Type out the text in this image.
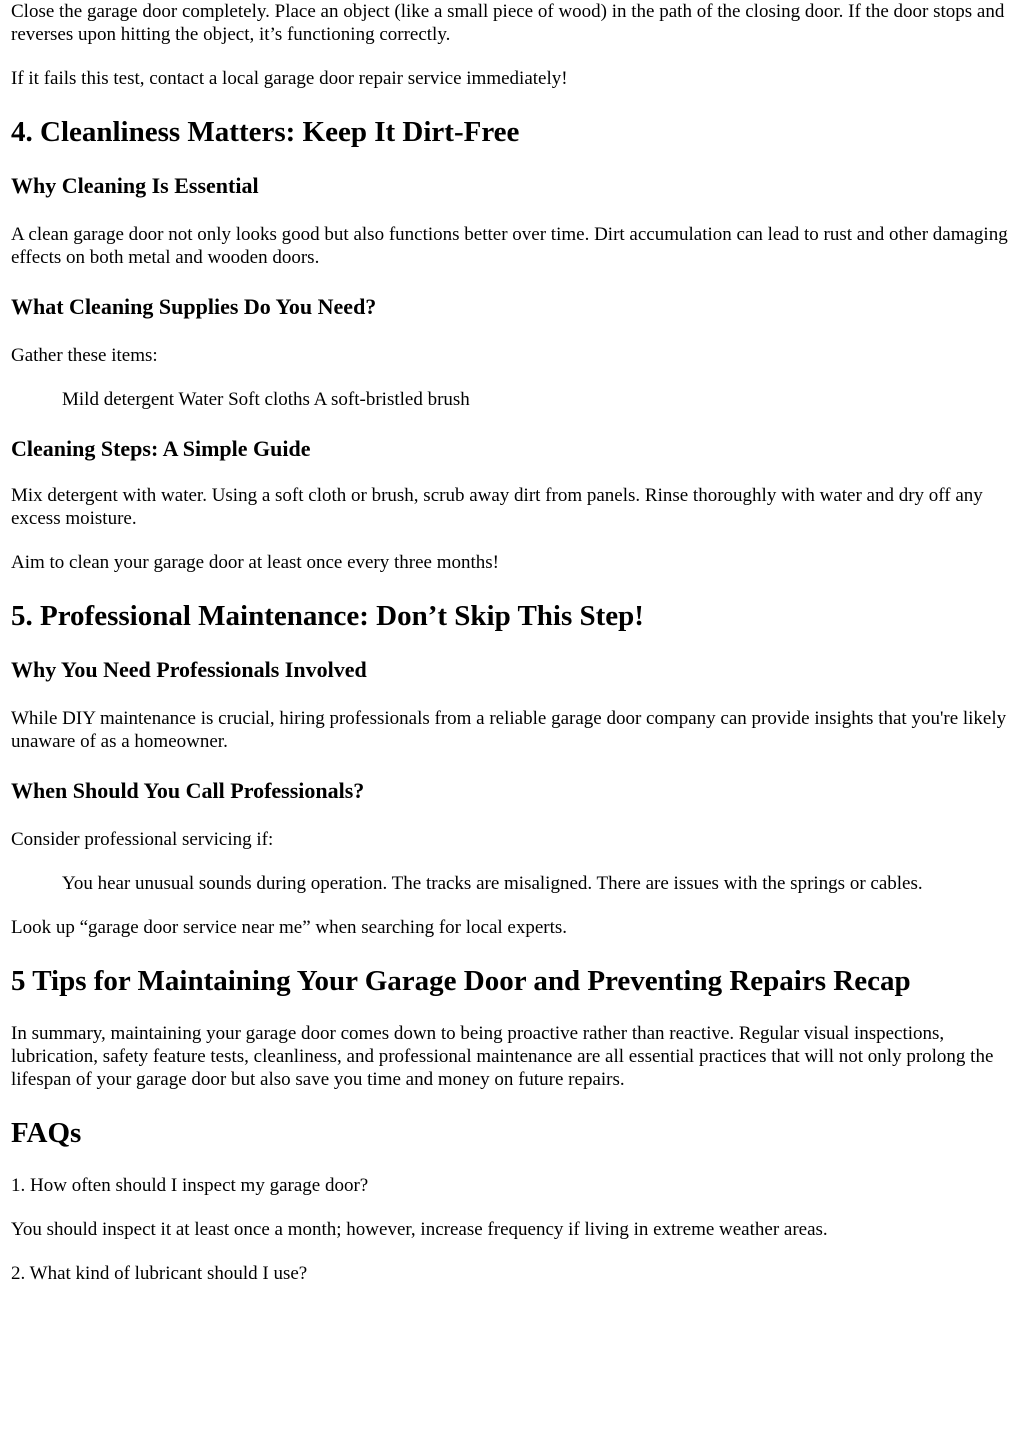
Close the garage door completely. Place an object (like a small piece of wood) in the path of the closing door. If the door stops and reverses upon hitting the object, it’s functioning correctly.

If it fails this test, contact a local garage door repair service immediately!

4. Cleanliness Matters: Keep It Dirt-Free
Why Cleaning Is Essential

A clean garage door not only looks good but also functions better over time. Dirt accumulation can lead to rust and other damaging effects on both metal and wooden doors.

What Cleaning Supplies Do You Need?

Gather these items:

Mild detergent Water Soft cloths A soft-bristled brush

Cleaning Steps: A Simple Guide

Mix detergent with water. Using a soft cloth or brush, scrub away dirt from panels. Rinse thoroughly with water and dry off any excess moisture.

Aim to clean your garage door at least once every three months!

5. Professional Maintenance: Don’t Skip This Step!
Why You Need Professionals Involved

While DIY maintenance is crucial, hiring professionals from a reliable garage door company can provide insights that you're likely unaware of as a homeowner.

When Should You Call Professionals?

Consider professional servicing if:

You hear unusual sounds during operation. The tracks are misaligned. There are issues with the springs or cables.

Look up “garage door service near me” when searching for local experts.

5 Tips for Maintaining Your Garage Door and Preventing Repairs Recap

In summary, maintaining your garage door comes down to being proactive rather than reactive. Regular visual inspections, lubrication, safety feature tests, cleanliness, and professional maintenance are all essential practices that will not only prolong the lifespan of your garage door but also save you time and money on future repairs.

FAQs

1. How often should I inspect my garage door?

You should inspect it at least once a month; however, increase frequency if living in extreme weather areas.

2. What kind of lubricant should I use?
